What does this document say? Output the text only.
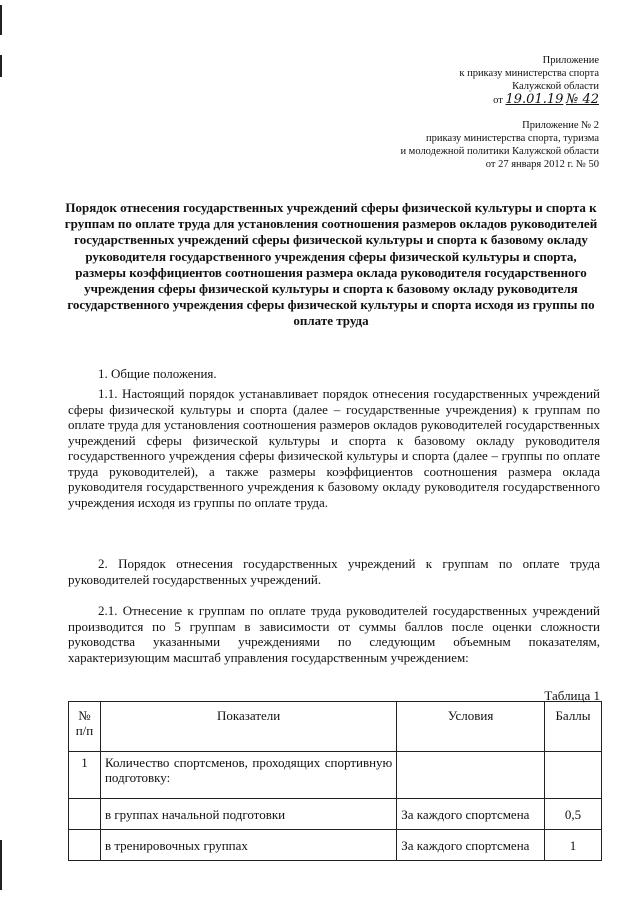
Приложение
к приказу министерства спорта
Калужской области
от 19.01.19 № 42
Приложение № 2
приказу министерства спорта, туризма
и молодежной политики Калужской области
от 27 января 2012 г. № 50
Порядок отнесения государственных учреждений сферы физической культуры и спорта к группам по оплате труда для установления соотношения размеров окладов руководителей государственных учреждений сферы физической культуры и спорта к базовому окладу руководителя государственного учреждения сферы физической культуры и спорта, размеры коэффициентов соотношения размера оклада руководителя государственного учреждения сферы физической культуры и спорта к базовому окладу руководителя государственного учреждения сферы физической культуры и спорта исходя из группы по оплате труда
1. Общие положения.
1.1. Настоящий порядок устанавливает порядок отнесения государственных учреждений сферы физической культуры и спорта (далее – государственные учреждения) к группам по оплате труда для установления соотношения размеров окладов руководителей государственных учреждений сферы физической культуры и спорта к базовому окладу руководителя государственного учреждения сферы физической культуры и спорта (далее – группы по оплате труда руководителей), а также размеры коэффициентов соотношения размера оклада руководителя государственного учреждения к базовому окладу руководителя государственного учреждения исходя из группы по оплате труда.
2. Порядок отнесения государственных учреждений к группам по оплате труда руководителей государственных учреждений.
2.1. Отнесение к группам по оплате труда руководителей государственных учреждений производится по 5 группам в зависимости от суммы баллов после оценки сложности руководства указанными учреждениями по следующим объемным показателям, характеризующим масштаб управления государственным учреждением:
Таблица 1
№ п/п	Показатели	Условия	Баллы
1	Количество спортсменов, проходящих спортивную подготовку:		
	в группах начальной подготовки	За каждого спортсмена	0,5
	в тренировочных группах	За каждого спортсмена	1
